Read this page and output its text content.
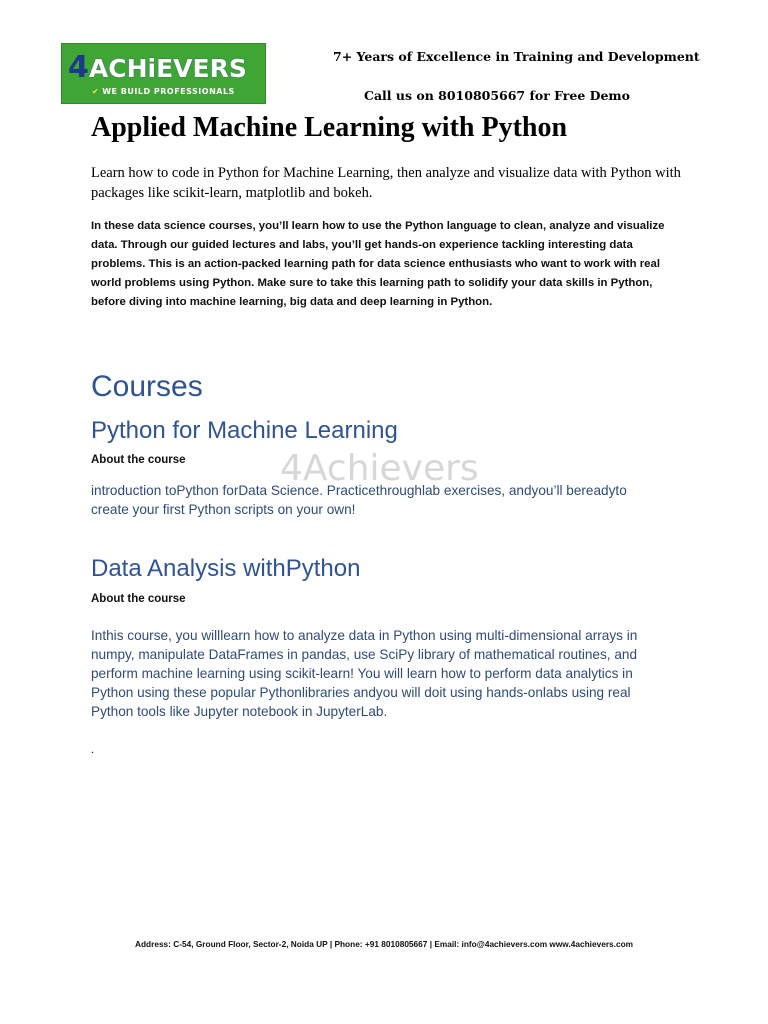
4ACHiEVERS
✔ WE BUILD PROFESSIONALS
7+ Years of Excellence in Training and Development
Call us on 8010805667 for Free Demo
Applied Machine Learning with Python

Learn how to code in Python for Machine Learning, then analyze and visualize data with Python with packages like scikit-learn, matplotlib and bokeh.

In these data science courses, you’ll learn how to use the Python language to clean, analyze and visualize data. Through our guided lectures and labs, you’ll get hands-on experience tackling interesting data problems. This is an action-packed learning path for data science enthusiasts who want to work with real world problems using Python. Make sure to take this learning path to solidify your data skills in Python, before diving into machine learning, big data and deep learning in Python.

Courses
4Achievers
Python for Machine Learning
About the course

introduction toPython forData Science. Practicethroughlab exercises, andyou’ll bereadyto create your first Python scripts on your own!

Data Analysis withPython
About the course

Inthis course, you willlearn how to analyze data in Python using multi-dimensional arrays in numpy, manipulate DataFrames in pandas, use SciPy library of mathematical routines, and perform machine learning using scikit-learn! You will learn how to perform data analytics in Python using these popular Pythonlibraries andyou will doit using hands-onlabs using real Python tools like Jupyter notebook in JupyterLab.

.
Address: C-54, Ground Floor, Sector-2, Noida UP | Phone: +91 8010805667 | Email: info@4achievers.com www.4achievers.com
